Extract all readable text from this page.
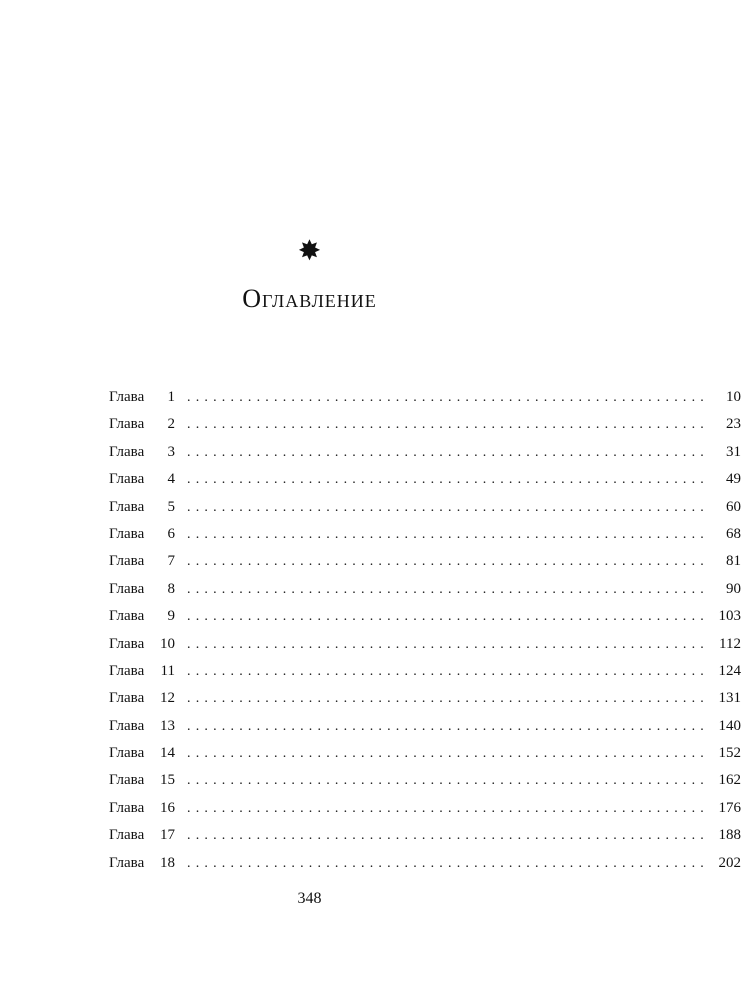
✸
Оглавление
Глава 1 ............................................................	10
Глава 2 ............................................................	23
Глава 3 ............................................................	31
Глава 4 ............................................................	49
Глава 5 ............................................................	60
Глава 6 ............................................................	68
Глава 7 ............................................................	81
Глава 8 ............................................................	90
Глава 9 ............................................................ 103
Глава 10 ............................................................ 112
Глава 11 ............................................................ 124
Глава 12 ............................................................ 131
Глава 13 ............................................................ 140
Глава 14 ............................................................ 152
Глава 15 ............................................................ 162
Глава 16 ............................................................ 176
Глава 17 ............................................................ 188
Глава 18 ............................................................ 202
348
